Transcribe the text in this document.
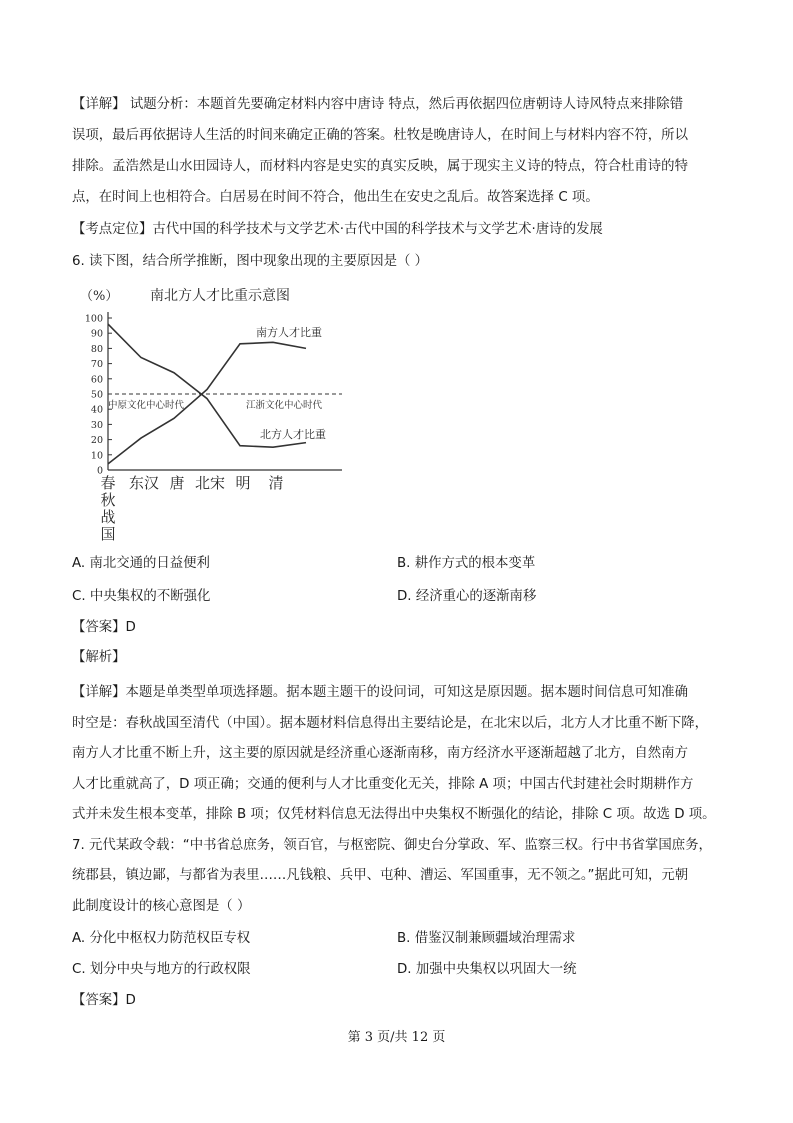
【详解】 试题分析：本题首先要确定材料内容中唐诗 特点，然后再依据四位唐朝诗人诗风特点来排除错
误项，最后再依据诗人生活的时间来确定正确的答案。杜牧是晚唐诗人，在时间上与材料内容不符，所以
排除。孟浩然是山水田园诗人，而材料内容是史实的真实反映，属于现实主义诗的特点，符合杜甫诗的特
点，在时间上也相符合。白居易在时间不符合，他出生在安史之乱后。故答案选择 C 项。
【考点定位】古代中国的科学技术与文学艺术·古代中国的科学技术与文学艺术·唐诗的发展
6. 读下图，结合所学推断，图中现象出现的主要原因是（ ）
0
10
20
30
40
50
60
70
80
90
100
春
秋
战
国
东汉 唐 北宋 明 清
南北方人才比重示意图
（%）
中原文化中心时代	江浙文化中心时代
南方人才比重
北方人才比重
A. 南北交通的日益便利	B. 耕作方式的根本变革
C. 中央集权的不断强化	D. 经济重心的逐渐南移
【答案】D
【解析】
【详解】本题是单类型单项选择题。据本题主题干的设问词，可知这是原因题。据本题时间信息可知准确
时空是：春秋战国至清代（中国）。据本题材料信息得出主要结论是，在北宋以后，北方人才比重不断下降，
南方人才比重不断上升，这主要的原因就是经济重心逐渐南移，南方经济水平逐渐超越了北方，自然南方
人才比重就高了，D 项正确；交通的便利与人才比重变化无关，排除 A 项；中国古代封建社会时期耕作方
式并未发生根本变革，排除 B 项；仅凭材料信息无法得出中央集权不断强化的结论，排除 C 项。故选 D 项。
7. 元代某政令载：“中书省总庶务，领百官，与枢密院、御史台分掌政、军、监察三权。行中书省掌国庶务，
统郡县，镇边鄙，与都省为表里……凡钱粮、兵甲、屯种、漕运、军国重事，无不领之。”据此可知，元朝
此制度设计的核心意图是（ ）
A. 分化中枢权力防范权臣专权	B. 借鉴汉制兼顾疆域治理需求
C. 划分中央与地方的行政权限	D. 加强中央集权以巩固大一统
【答案】D
第 3 页/共 12 页
